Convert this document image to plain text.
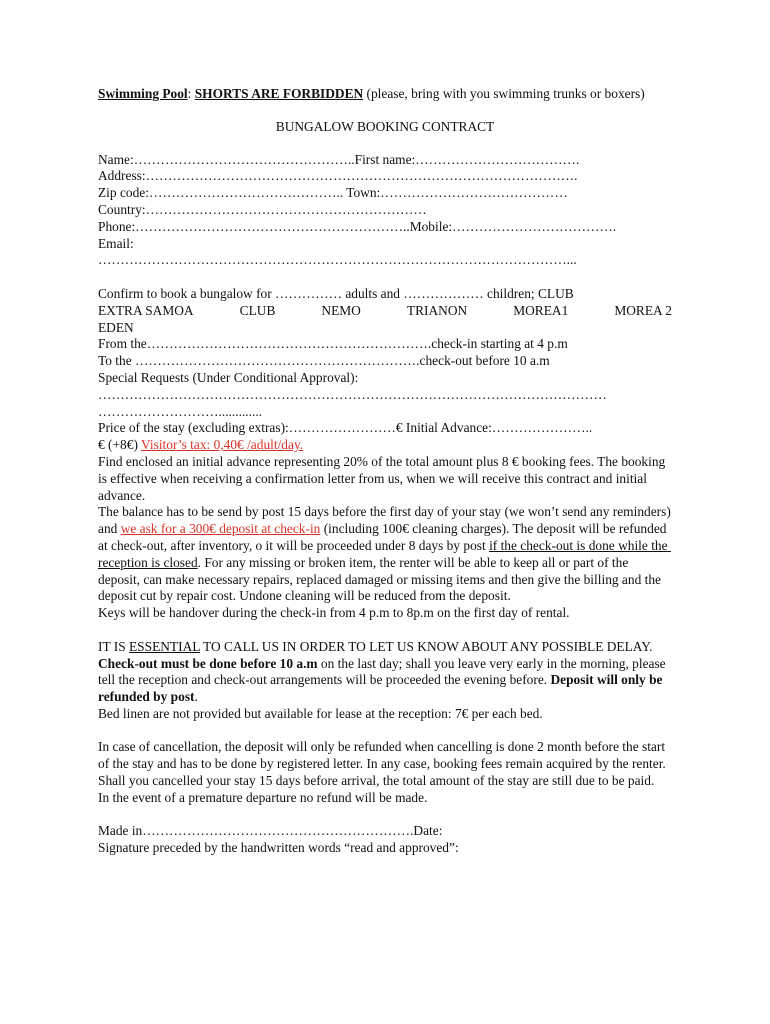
Swimming Pool: SHORTS ARE FORBIDDEN (please, bring with you swimming trunks or boxers)

BUNGALOW BOOKING CONTRACT

Name:…………………………………………..First name:……………………………….

Address:…………………………………………………………………………………….

Zip code:…………………………………….. Town:……………………………………

Country:………………………………………………………

Phone:……………………………………………………..Mobile:……………………………….

Email:

……………………………………………………………………………………………...

Confirm to book a bungalow for …………… adults and ……………… children; CLUB

EXTRA SAMOA	CLUB	NEMO	TRIANON	MOREA1	MOREA 2

EDEN

From the……………………………………………………….check-in starting at 4 p.m

To the ……………………………………………………….check-out before 10 a.m

Special Requests (Under Conditional Approval):

……………………………………………………………………………………………………

……………………….............

Price of the stay (excluding extras):……………………€ Initial Advance:…………………..

€ (+8€) Visitor’s tax: 0,40€ /adult/day.

Find enclosed an initial advance representing 20% of the total amount plus 8 € booking fees. The booking is effective when receiving a confirmation letter from us, when we will receive this contract and initial advance.

The balance has to be send by post 15 days before the first day of your stay (we won’t send any reminders) and we ask for a 300€ deposit at check-in (including 100€ cleaning charges). The deposit will be refunded at check-out, after inventory, o it will be proceeded under 8 days by post if the check-out is done while the reception is closed. For any missing or broken item, the renter will be able to keep all or part of the deposit, can make necessary repairs, replaced damaged or missing items and then give the billing and the deposit cut by repair cost. Undone cleaning will be reduced from the deposit.

Keys will be handover during the check-in from 4 p.m to 8p.m on the first day of rental.

IT IS ESSENTIAL TO CALL US IN ORDER TO LET US KNOW ABOUT ANY POSSIBLE DELAY.

Check-out must be done before 10 a.m on the last day; shall you leave very early in the morning, please tell the reception and check-out arrangements will be proceeded the evening before. Deposit will only be refunded by post.

Bed linen are not provided but available for lease at the reception: 7€ per each bed.

In case of cancellation, the deposit will only be refunded when cancelling is done 2 month before the start of the stay and has to be done by registered letter. In any case, booking fees remain acquired by the renter.

Shall you cancelled your stay 15 days before arrival, the total amount of the stay are still due to be paid.

In the event of a premature departure no refund will be made.

Made in…………………………………………………….Date:

Signature preceded by the handwritten words “read and approved”:
